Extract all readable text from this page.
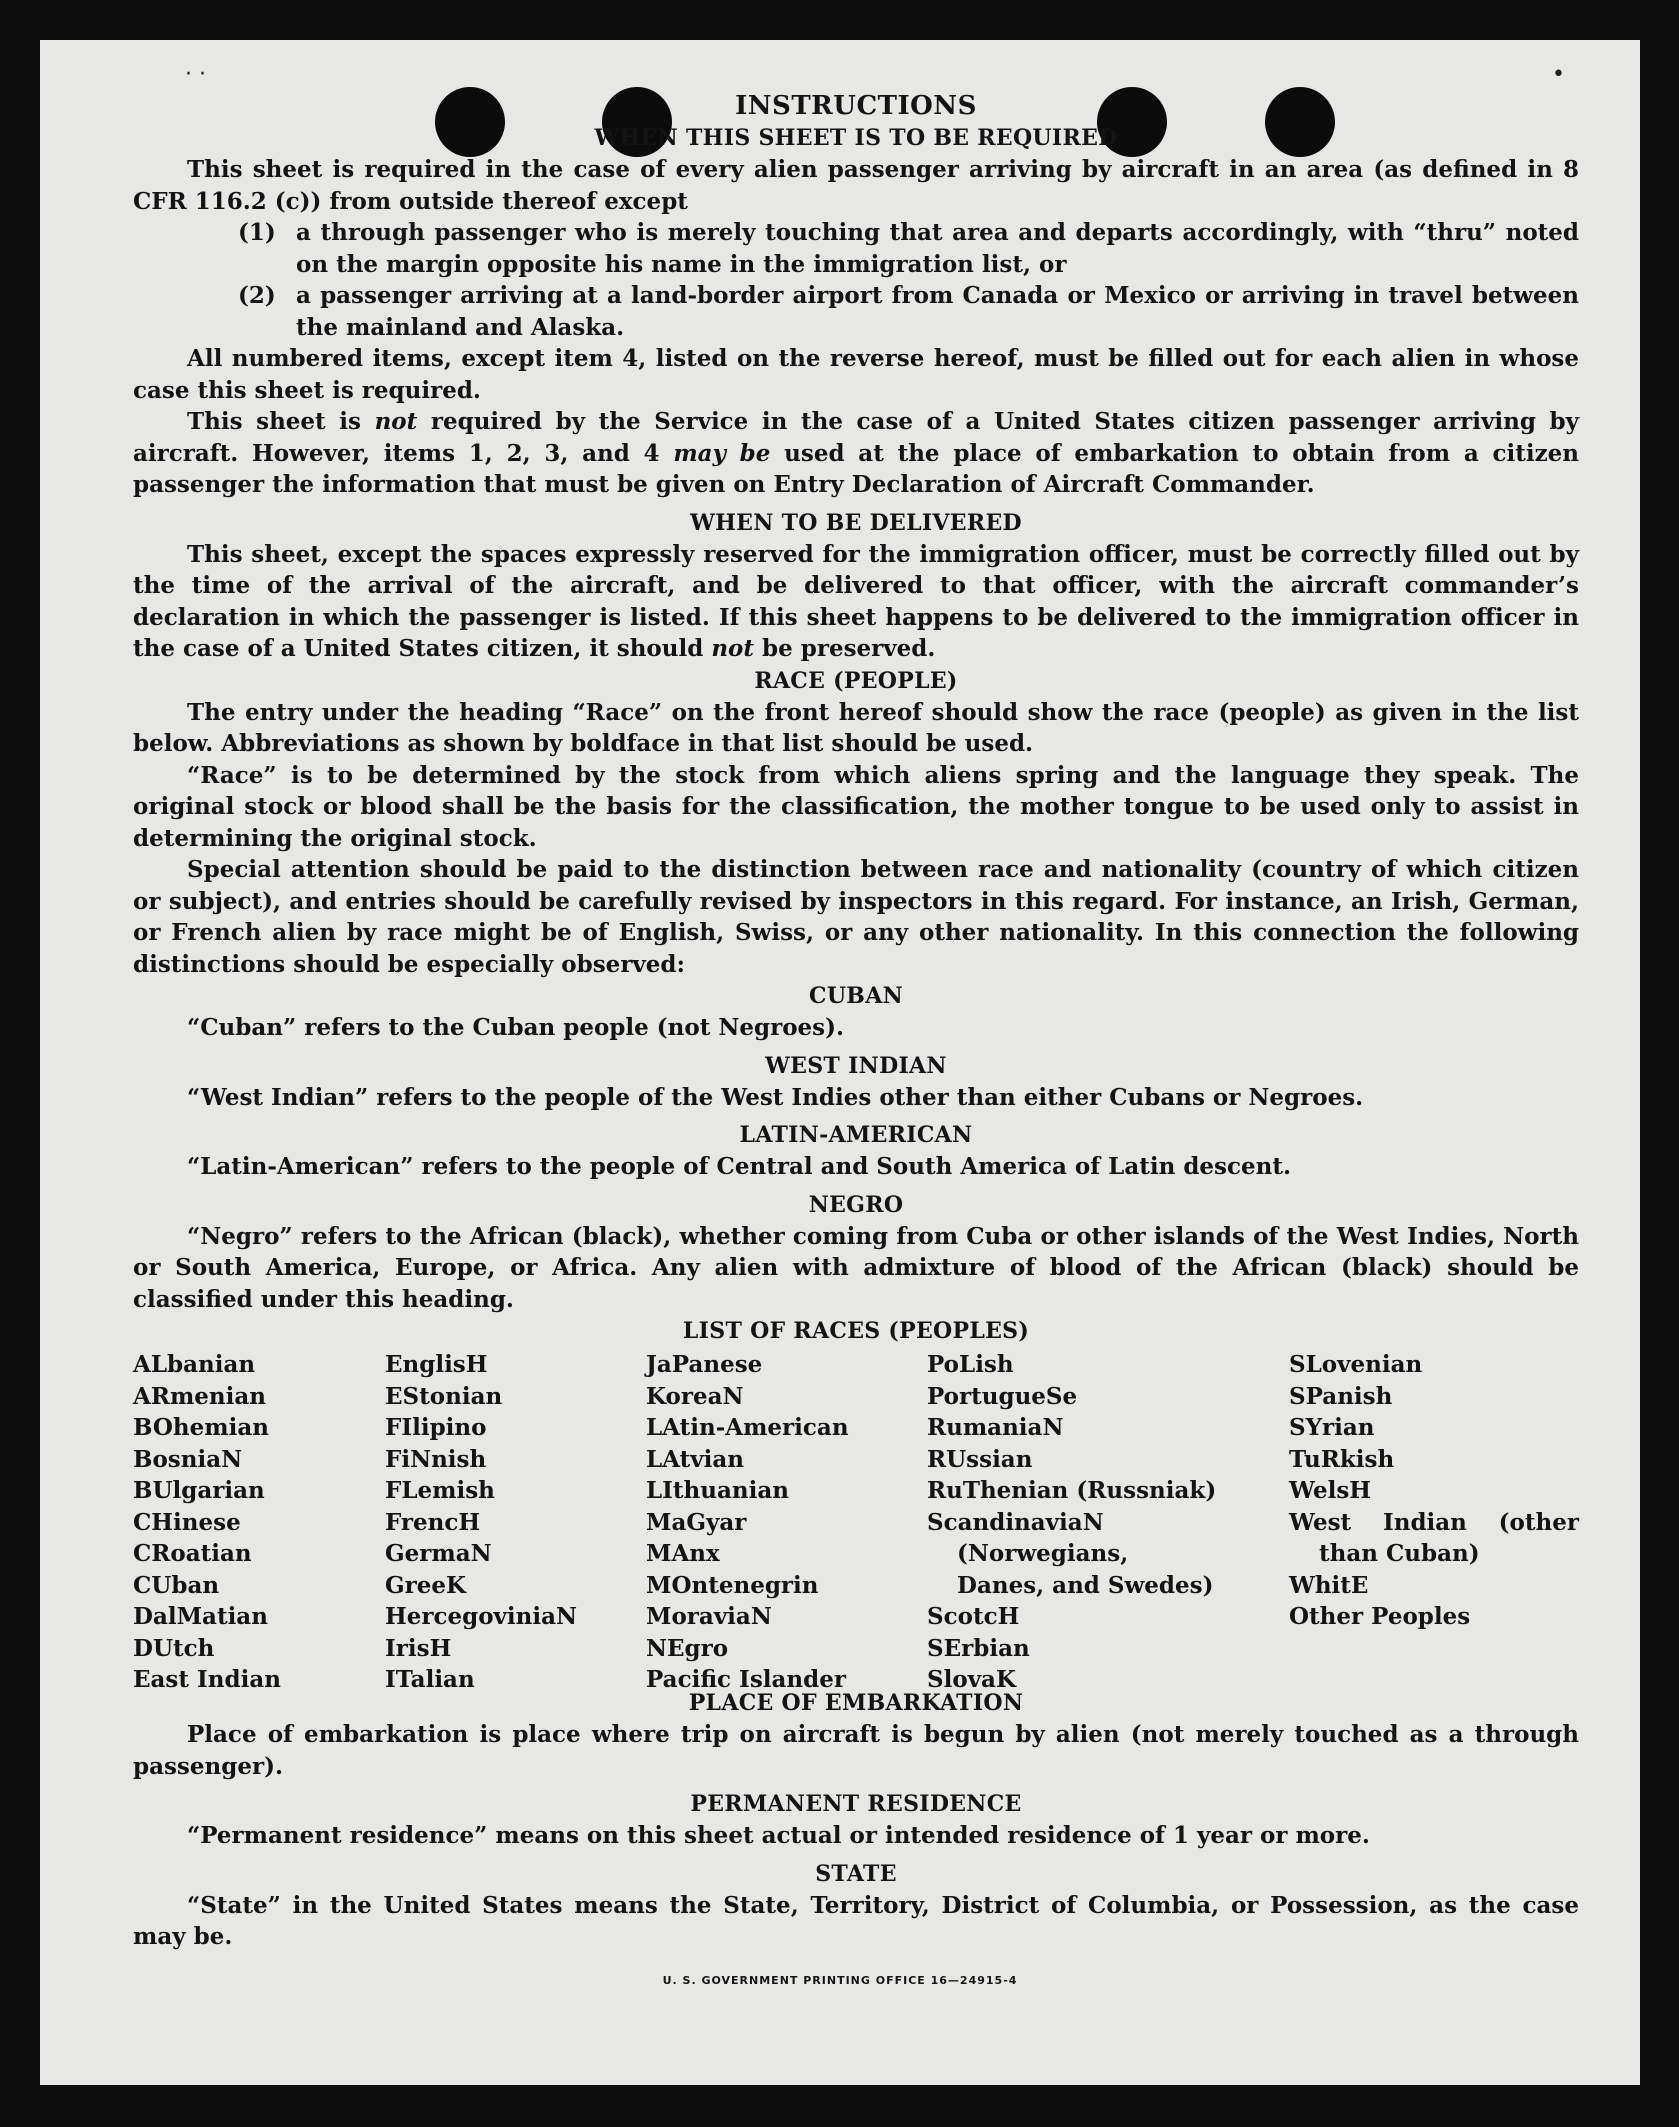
· ·	•

INSTRUCTIONS

WHEN THIS SHEET IS TO BE REQUIRED

This sheet is required in the case of every alien passenger arriving by aircraft in an area (as defined in 8 CFR 116.2 (c)) from outside thereof except

(1) a through passenger who is merely touching that area and departs accordingly, with “thru” noted on the margin opposite his name in the immigration list, or
(2) a passenger arriving at a land-border airport from Canada or Mexico or arriving in travel between the mainland and Alaska.

All numbered items, except item 4, listed on the reverse hereof, must be filled out for each alien in whose case this sheet is required.

This sheet is not required by the Service in the case of a United States citizen passenger arriving by aircraft. However, items 1, 2, 3, and 4 may be used at the place of embarkation to obtain from a citizen passenger the information that must be given on Entry Declaration of Aircraft Commander.

WHEN TO BE DELIVERED

This sheet, except the spaces expressly reserved for the immigration officer, must be correctly filled out by the time of the arrival of the aircraft, and be delivered to that officer, with the aircraft commander’s declaration in which the passenger is listed. If this sheet happens to be delivered to the immigration officer in the case of a United States citizen, it should not be preserved.

RACE (PEOPLE)

The entry under the heading “Race” on the front hereof should show the race (people) as given in the list below. Abbreviations as shown by boldface in that list should be used.

“Race” is to be determined by the stock from which aliens spring and the language they speak. The original stock or blood shall be the basis for the classification, the mother tongue to be used only to assist in determining the original stock.

Special attention should be paid to the distinction between race and nationality (country of which citizen or subject), and entries should be carefully revised by inspectors in this regard. For instance, an Irish, German, or French alien by race might be of English, Swiss, or any other nationality. In this connection the following distinctions should be especially observed:

CUBAN

“Cuban” refers to the Cuban people (not Negroes).

WEST INDIAN

“West Indian” refers to the people of the West Indies other than either Cubans or Negroes.

LATIN-AMERICAN

“Latin-American” refers to the people of Central and South America of Latin descent.

NEGRO

“Negro” refers to the African (black), whether coming from Cuba or other islands of the West Indies, North or South America, Europe, or Africa. Any alien with admixture of blood of the African (black) should be classified under this heading.

LIST OF RACES (PEOPLES)

ALbanian
ARmenian
BOhemian
BosniaN
BUlgarian
CHinese
CRoatian
CUban
DalMatian
DUtch
East Indian
EnglisH
EStonian
FIlipino
FiNnish
FLemish
FrencH
GermaN
GreeK
HercegoviniaN
IrisH
ITalian
JaPanese
KoreaN
LAtin-American
LAtvian
LIthuanian
MaGyar
MAnx
MOntenegrin
MoraviaN
NEgro
Pacific Islander
PoLish
PortugueSe
RumaniaN
RUssian
RuThenian (Russniak)
ScandinaviaN (Norwegians, Danes, and Swedes)
ScotcH
SErbian
SlovaK
SLovenian
SPanish
SYrian
TuRkish
WelsH
West Indian (other than Cuban)
WhitE
Other Peoples

PLACE OF EMBARKATION

Place of embarkation is place where trip on aircraft is begun by alien (not merely touched as a through passenger).

PERMANENT RESIDENCE

“Permanent residence” means on this sheet actual or intended residence of 1 year or more.

STATE

“State” in the United States means the State, Territory, District of Columbia, or Possession, as the case may be.

U. S. GOVERNMENT PRINTING OFFICE 16—24915-4
